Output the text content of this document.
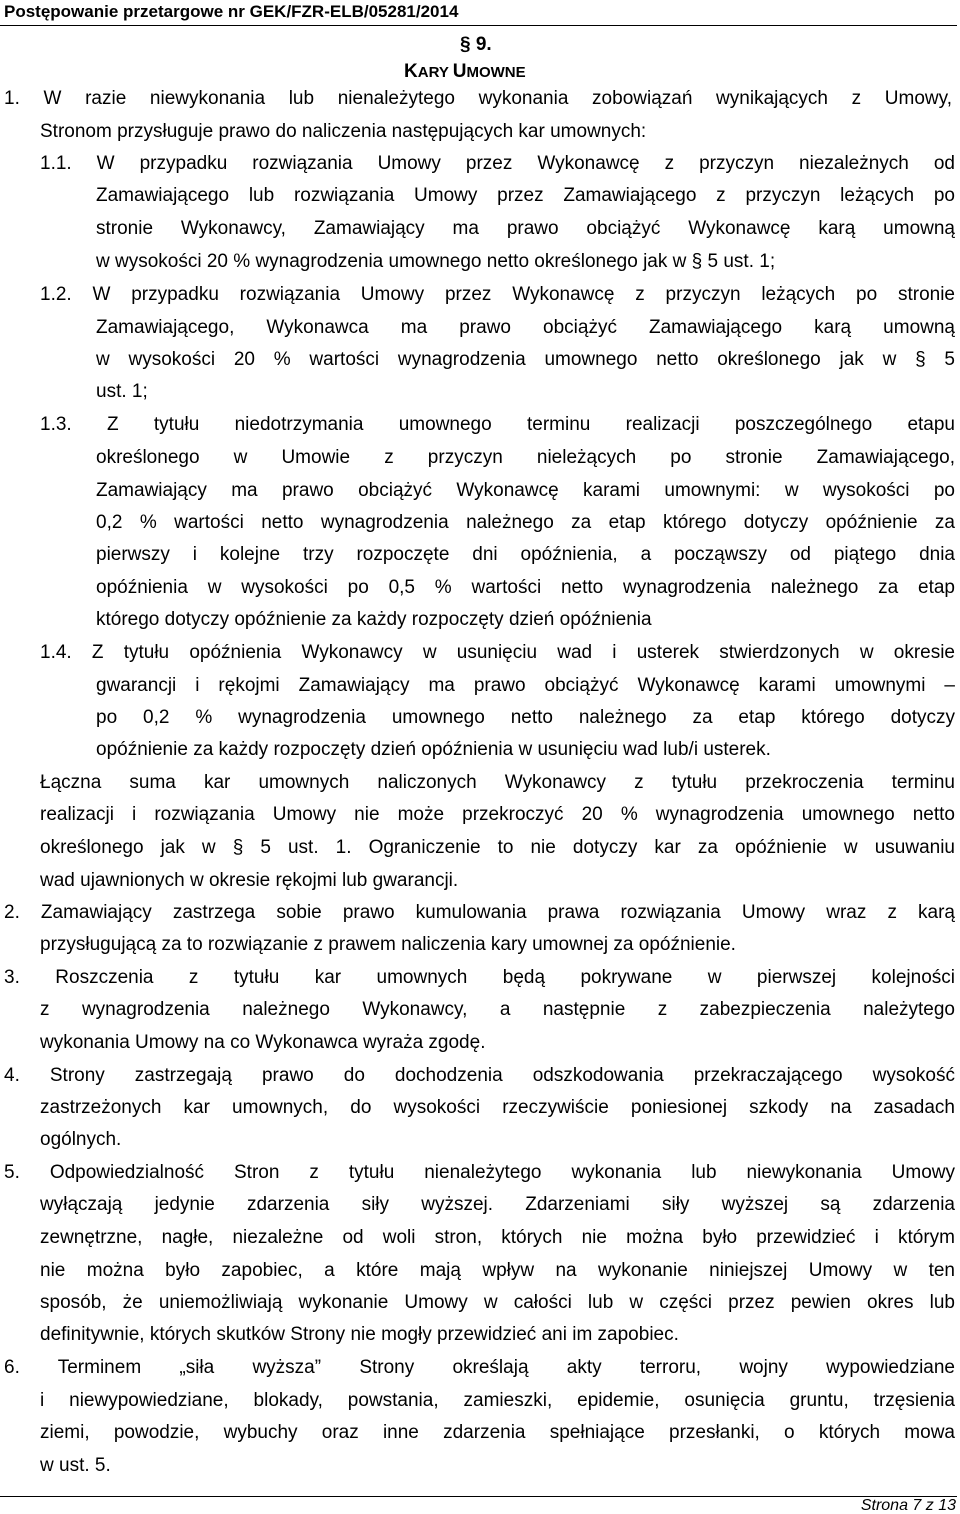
Postępowanie przetargowe nr GEK/FZR-ELB/05281/2014
§ 9.
KARY UMOWNE
1. W razie niewykonania lub nienależytego wykonania zobowiązań wynikających z Umowy,
Stronom przysługuje prawo do naliczenia następujących kar umownych:
1.1. W przypadku rozwiązania Umowy przez Wykonawcę z przyczyn niezależnych od
Zamawiającego lub rozwiązania Umowy przez Zamawiającego z przyczyn leżących po
stronie Wykonawcy, Zamawiający ma prawo obciążyć Wykonawcę karą umowną
w wysokości 20 % wynagrodzenia umownego netto określonego jak w § 5 ust. 1;
1.2. W przypadku rozwiązania Umowy przez Wykonawcę z przyczyn leżących po stronie
Zamawiającego, Wykonawca ma prawo obciążyć Zamawiającego karą umowną
w wysokości 20 % wartości wynagrodzenia umownego netto określonego jak w § 5
ust. 1;
1.3. Z tytułu niedotrzymania umownego terminu realizacji poszczególnego etapu
określonego w Umowie z przyczyn nieleżących po stronie Zamawiającego,
Zamawiający ma prawo obciążyć Wykonawcę karami umownymi: w wysokości po
0,2 % wartości netto wynagrodzenia należnego za etap którego dotyczy opóźnienie za
pierwszy i kolejne trzy rozpoczęte dni opóźnienia, a począwszy od piątego dnia
opóźnienia w wysokości po 0,5 % wartości netto wynagrodzenia należnego za etap
którego dotyczy opóźnienie za każdy rozpoczęty dzień opóźnienia
1.4. Z tytułu opóźnienia Wykonawcy w usunięciu wad i usterek stwierdzonych w okresie
gwarancji i rękojmi Zamawiający ma prawo obciążyć Wykonawcę karami umownymi –
po 0,2 % wynagrodzenia umownego netto należnego za etap którego dotyczy
opóźnienie za każdy rozpoczęty dzień opóźnienia w usunięciu wad lub/i usterek.
Łączna suma kar umownych naliczonych Wykonawcy z tytułu przekroczenia terminu
realizacji i rozwiązania Umowy nie może przekroczyć 20 % wynagrodzenia umownego netto
określonego jak w § 5 ust. 1. Ograniczenie to nie dotyczy kar za opóźnienie w usuwaniu
wad ujawnionych w okresie rękojmi lub gwarancji.
2. Zamawiający zastrzega sobie prawo kumulowania prawa rozwiązania Umowy wraz z karą
przysługującą za to rozwiązanie z prawem naliczenia kary umownej za opóźnienie.
3. Roszczenia z tytułu kar umownych będą pokrywane w pierwszej kolejności
z wynagrodzenia należnego Wykonawcy, a następnie z zabezpieczenia należytego
wykonania Umowy na co Wykonawca wyraża zgodę.
4. Strony zastrzegają prawo do dochodzenia odszkodowania przekraczającego wysokość
zastrzeżonych kar umownych, do wysokości rzeczywiście poniesionej szkody na zasadach
ogólnych.
5. Odpowiedzialność Stron z tytułu nienależytego wykonania lub niewykonania Umowy
wyłączają jedynie zdarzenia siły wyższej. Zdarzeniami siły wyższej są zdarzenia
zewnętrzne, nagłe, niezależne od woli stron, których nie można było przewidzieć i którym
nie można było zapobiec, a które mają wpływ na wykonanie niniejszej Umowy w ten
sposób, że uniemożliwiają wykonanie Umowy w całości lub w części przez pewien okres lub
definitywnie, których skutków Strony nie mogły przewidzieć ani im zapobiec.
6. Terminem „siła wyższa” Strony określają akty terroru, wojny wypowiedziane
i niewypowiedziane, blokady, powstania, zamieszki, epidemie, osunięcia gruntu, trzęsienia
ziemi, powodzie, wybuchy oraz inne zdarzenia spełniające przesłanki, o których mowa
w ust. 5.
Strona 7 z 13
